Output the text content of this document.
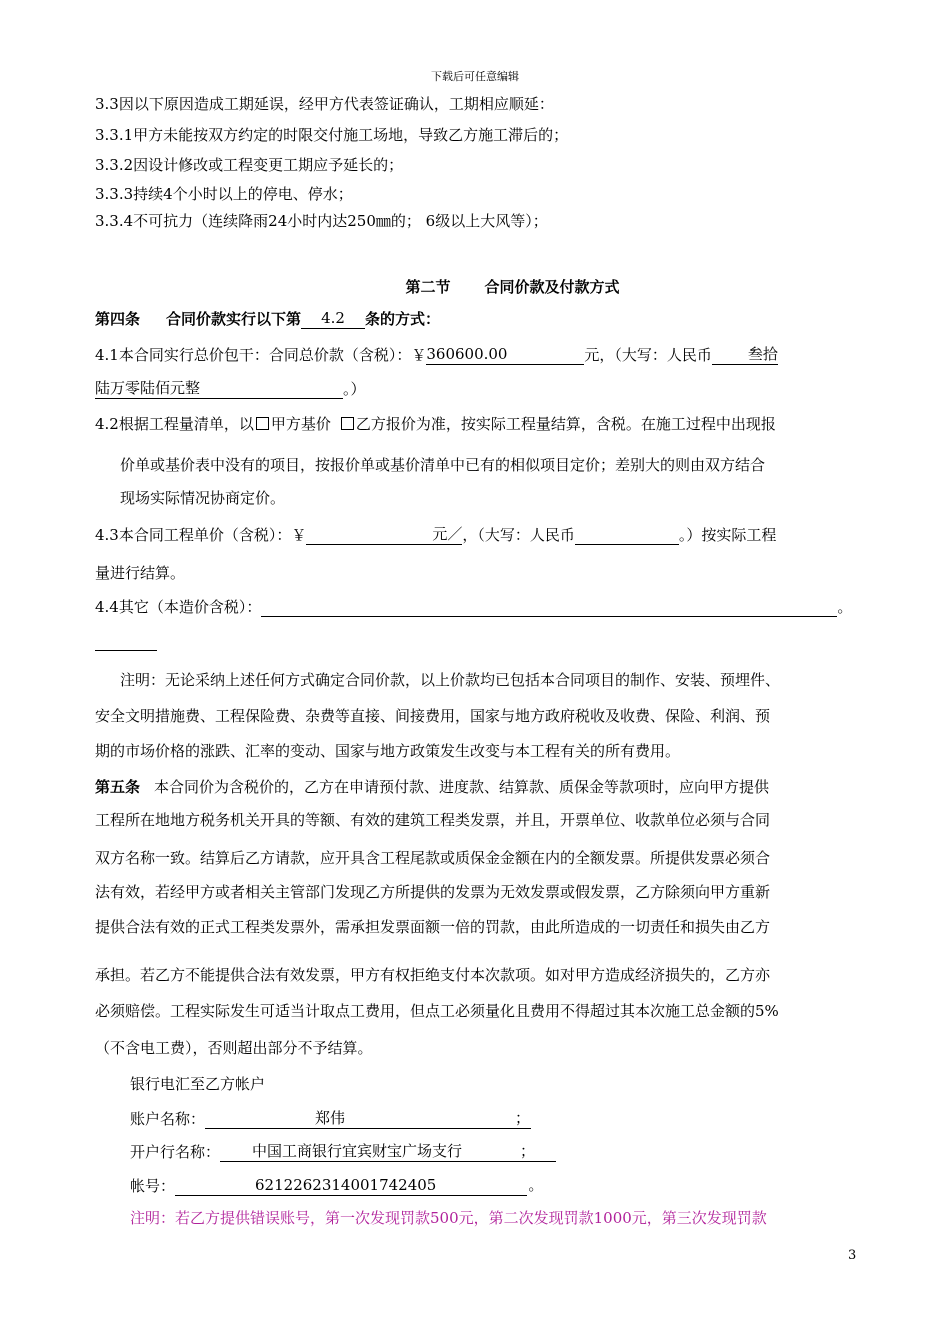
下载后可任意编辑
3.3因以下原因造成工期延误，经甲方代表签证确认，工期相应顺延：
3.3.1甲方未能按双方约定的时限交付施工场地，导致乙方施工滞后的；
3.3.2因设计修改或工程变更工期应予延长的；
3.3.3持续4个小时以上的停电、停水；
3.3.4不可抗力（连续降雨24小时内达250㎜的； 6级以上大风等）；
第二节 合同价款及付款方式
第四条 合同价款实行以下第 4.2 条的方式：
4.1本合同实行总价包干：合同总价款（含税）：￥360600.00	元，（大写：人民币 叁拾
陆万零陆佰元整	。）
4.2根据工程量清单，以 甲方基价 乙方报价为准，按实际工程量结算，含税。在施工过程中出现报
价单或基价表中没有的项目，按报价单或基价清单中已有的相似项目定价；差别大的则由双方结合
现场实际情况协商定价。
4.3本合同工程单价（含税）：￥	元／，（大写：人民币	。）按实际工程
量进行结算。
4.4其它（本造价含税）：	。
注明：无论采纳上述任何方式确定合同价款，以上价款均已包括本合同项目的制作、安装、预埋件、
安全文明措施费、工程保险费、杂费等直接、间接费用，国家与地方政府税收及收费、保险、利润、预
期的市场价格的涨跌、汇率的变动、国家与地方政策发生改变与本工程有关的所有费用。
第五条 本合同价为含税价的，乙方在申请预付款、进度款、结算款、质保金等款项时，应向甲方提供
工程所在地地方税务机关开具的等额、有效的建筑工程类发票，并且，开票单位、收款单位必须与合同
双方名称一致。结算后乙方请款，应开具含工程尾款或质保金金额在内的全额发票。所提供发票必须合
法有效，若经甲方或者相关主管部门发现乙方所提供的发票为无效发票或假发票，乙方除须向甲方重新
提供合法有效的正式工程类发票外，需承担发票面额一倍的罚款，由此所造成的一切责任和损失由乙方
承担。若乙方不能提供合法有效发票，甲方有权拒绝支付本次款项。如对甲方造成经济损失的，乙方亦
必须赔偿。工程实际发生可适当计取点工费用，但点工必须量化且费用不得超过其本次施工总金额的5%
（不含电工费），否则超出部分不予结算。
银行电汇至乙方帐户
账户名称：	郑伟	；
开户行名称： 中国工商银行宜宾财宝广场支行	；
帐号：	6212262314001742405	。
注明：若乙方提供错误账号，第一次发现罚款500元，第二次发现罚款1000元，第三次发现罚款
3
